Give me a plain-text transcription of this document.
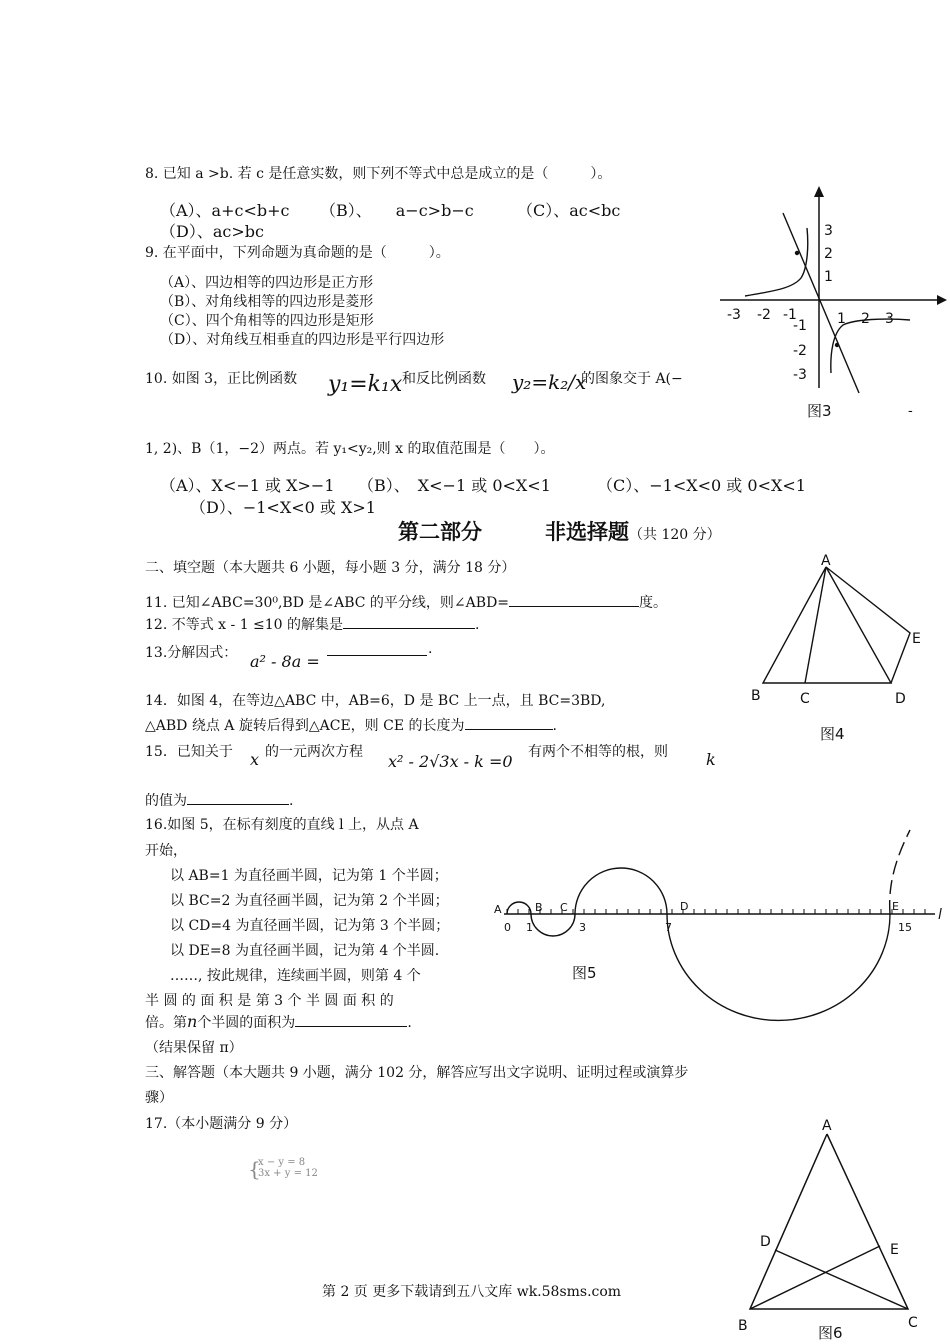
8. 已知 a >b. 若 c 是任意实数，则下列不等式中总是成立的是（　　　）。
（A）、a+c<b+c （B）、　　a−c>b−c	（C）、ac<bc
（D）、ac>bc
9. 在平面中，下列命题为真命题的是（　　　）。
（A）、四边相等的四边形是正方形
（B）、对角线相等的四边形是菱形
（C）、四个角相等的四边形是矩形
（D）、对角线互相垂直的四边形是平行四边形
10. 如图 3，正比例函数 y₁=k₁x 和反比例函数 y₂=k₂/x
的图象交于 A(−
1, 2)、B（1，−2）两点。若 y₁<y₂,则 x 的取值范围是（　　）。
（A）、X<−1 或 X>−1 （B）、　X<−1 或 0<X<1	（C）、−1<X<0 或 0<X<1
（D）、−1<X<0 或 X>1
-
-3 -2 -1	1 2 3
3
2
1
-1
-2
-3
图3
第二部分　　　非选择题（共 120 分）
二、填空题（本大题共 6 小题，每小题 3 分，满分 18 分）
11. 已知∠ABC=30⁰,BD 是∠ABC 的平分线，则∠ABD=	度。
12. 不等式 x - 1 ≤10 的解集是	.
13.分解因式： a² - 8a =
.
14．如图 4，在等边△ABC 中，AB=6，D 是 BC 上一点，且 BC=3BD,
△ABD 绕点 A 旋转后得到△ACE，则 CE 的长度为	.
15．已知关于 x 的一元两次方程 x² - 2√3x - k =0 有两个不相等的根，则 k
的值为	.
16.如图 5，在标有刻度的直线 l 上，从点 A
开始，
以 AB=1 为直径画半圆，记为第 1 个半圆；
以 BC=2 为直径画半圆，记为第 2 个半圆；
以 CD=4 为直径画半圆，记为第 3 个半圆；
以 DE=8 为直径画半圆，记为第 4 个半圆.
……, 按此规律，连续画半圆，则第 4 个
半 圆 的 面 积 是 第 3 个 半 圆 面 积 的
倍。第n个半圆的面积为	.
（结果保留 π）
A
B	C	D
E
图4
A	B C	D	E
0 1	3	7	15
l
图5
三、解答题（本大题共 9 小题，满分 102 分，解答应写出文字说明、证明过程或演算步
骤）
17.（本小题满分 9 分）
{
x − y = 8
3x + y = 12
A
D	E
B	C
图6
第 2 页 更多下载请到五八文库 wk.58sms.com
